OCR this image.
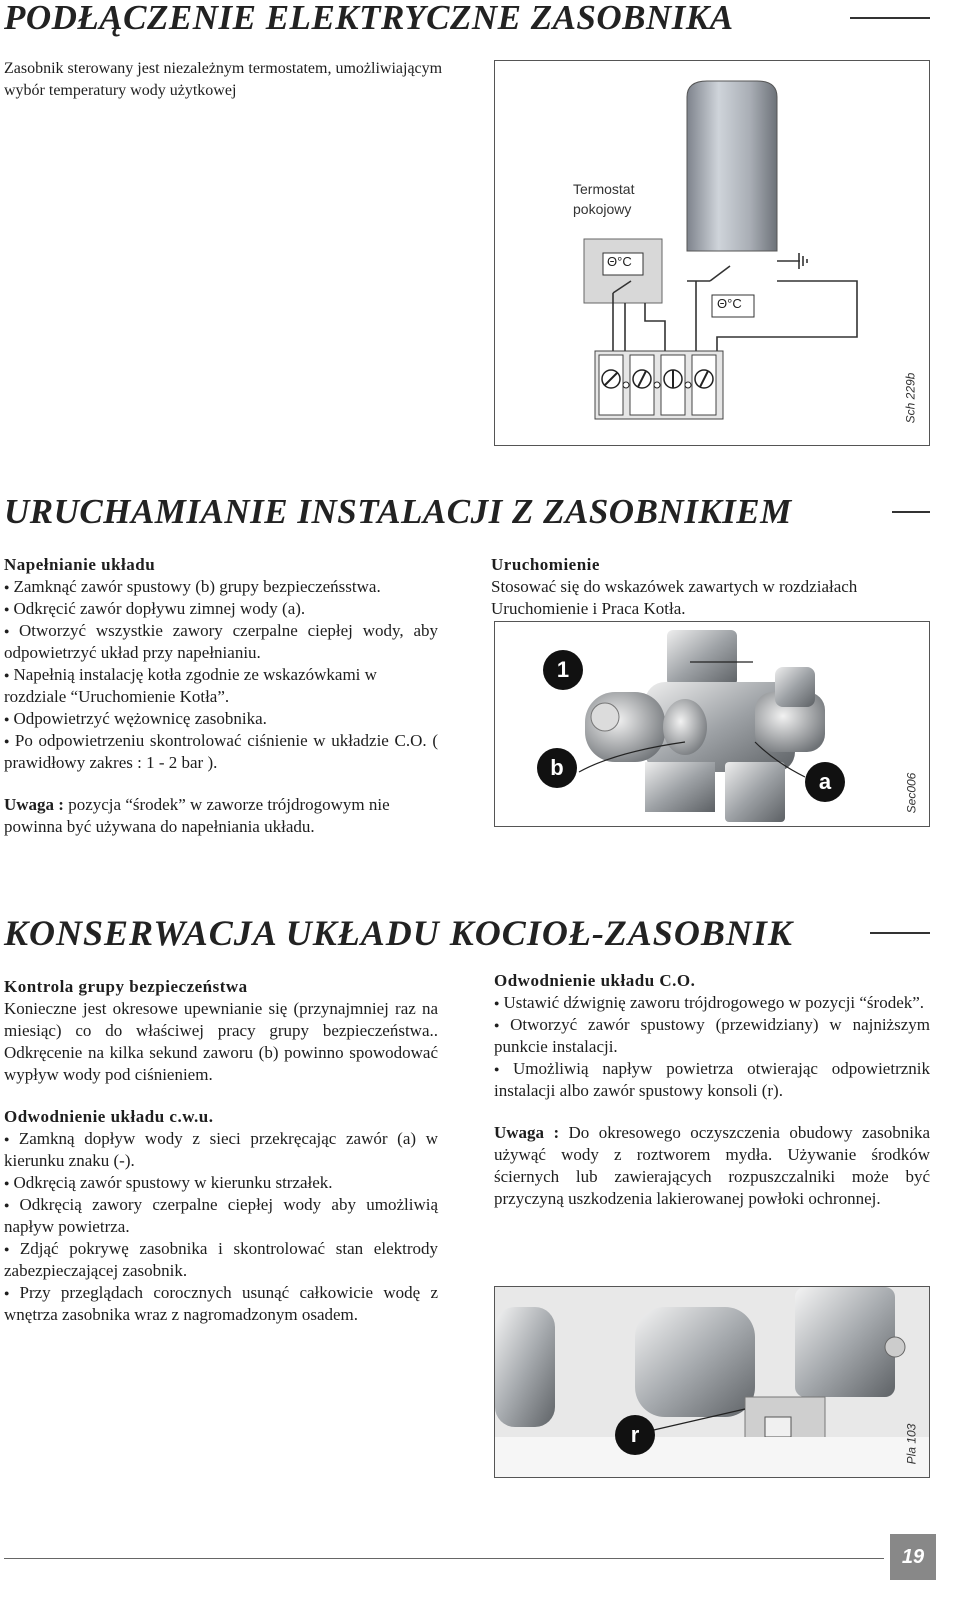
PODŁĄCZENIE ELEKTRYCZNE ZASOBNIKA
Zasobnik sterowany jest niezależnym termostatem, umożliwiającym wybór temperatury wody użytkowej
Termostat pokojowy
Θ°C
Θ°C
Sch 229b
URUCHAMIANIE INSTALACJI Z ZASOBNIKIEM
Napełnianie układu

● Zamknąć zawór spustowy (b) grupy bezpieczeńsstwa.

● Odkręcić zawór dopływu zimnej wody (a).

● Otworzyć wszystkie zawory czerpalne ciepłej wody, aby odpowietrzyć układ przy napełnianiu.

● Napełnią instalację kotła zgodnie ze wskazówkami w rozdziale “Uruchomienie Kotła”.

● Odpowietrzyć wężownicę zasobnika.

● Po odpowietrzeniu skontrolować ciśnienie w układzie C.O. ( prawidłowy zakres : 1 - 2 bar ).

Uwaga : pozycja “środek” w zaworze trójdrogowym nie powinna być używana do napełniania układu.

Uruchomienie

Stosować się do wskazówek zawartych w rozdziałach Uruchomienie i Praca Kotła.

1
b
a	Sec006
KONSERWACJA UKŁADU KOCIOŁ-ZASOBNIK
Kontrola grupy bezpieczeństwa

Konieczne jest okresowe upewnianie się (przynajmniej raz na miesiąc) co do właściwej pracy grupy bezpieczeństwa.. Odkręcenie na kilka sekund zaworu (b) powinno spowodować wypływ wody pod ciśnieniem.

Odwodnienie układu c.w.u.

● Zamkną dopływ wody z sieci przekręcając zawór (a) w kierunku znaku (-).

● Odkręcią zawór spustowy w kierunku strzałek.

● Odkręcią zawory czerpalne ciepłej wody aby umożliwią napływ powietrza.

● Zdjąć pokrywę zasobnika i skontrolować stan elektrody zabezpieczającej zasobnik.

● Przy przeglądach corocznych usunąć całkowicie wodę z wnętrza zasobnika wraz z nagromadzonym osadem.

Odwodnienie układu C.O.

● Ustawić dźwignię zaworu trójdrogowego w pozycji “środek”.

● Otworzyć zawór spustowy (przewidziany) w najniższym punkcie instalacji.

● Umożliwią napływ powietrza otwierając odpowietrznik instalacji albo zawór spustowy konsoli (r).

Uwaga : Do okresowego oczyszczenia obudowy zasobnika używąć wody z roztworem mydła. Używanie środków ściernych lub zawierających rozpuszczalniki może być przyczyną uszkodzenia lakierowanej powłoki ochronnej.

r	Pla 103
19
